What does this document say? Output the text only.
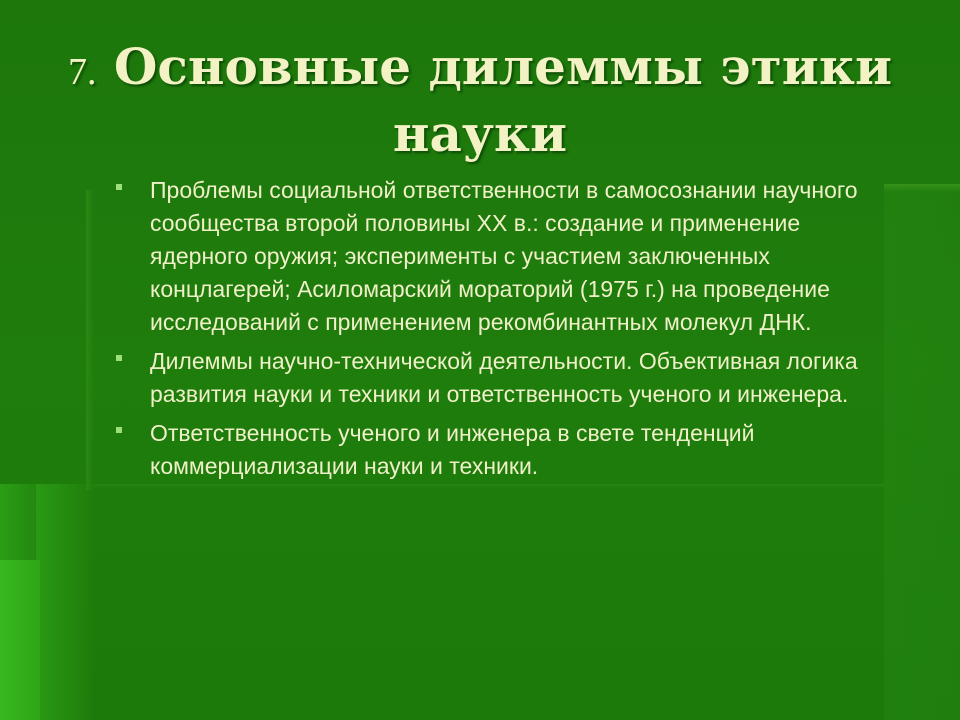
7. Основные дилеммы этики науки
Проблемы социальной ответственности в самосознании научного сообщества второй половины XX в.: создание и применение ядерного оружия; эксперименты с участием заключенных концлагерей; Асиломарский мораторий (1975 г.) на проведение исследований с применением рекомбинантных молекул ДНК.
Дилеммы научно-технической деятельности. Объективная логика развития науки и техники и ответственность ученого и инженера.
Ответственность ученого и инженера в свете тенденций коммерциализации науки и техники.
